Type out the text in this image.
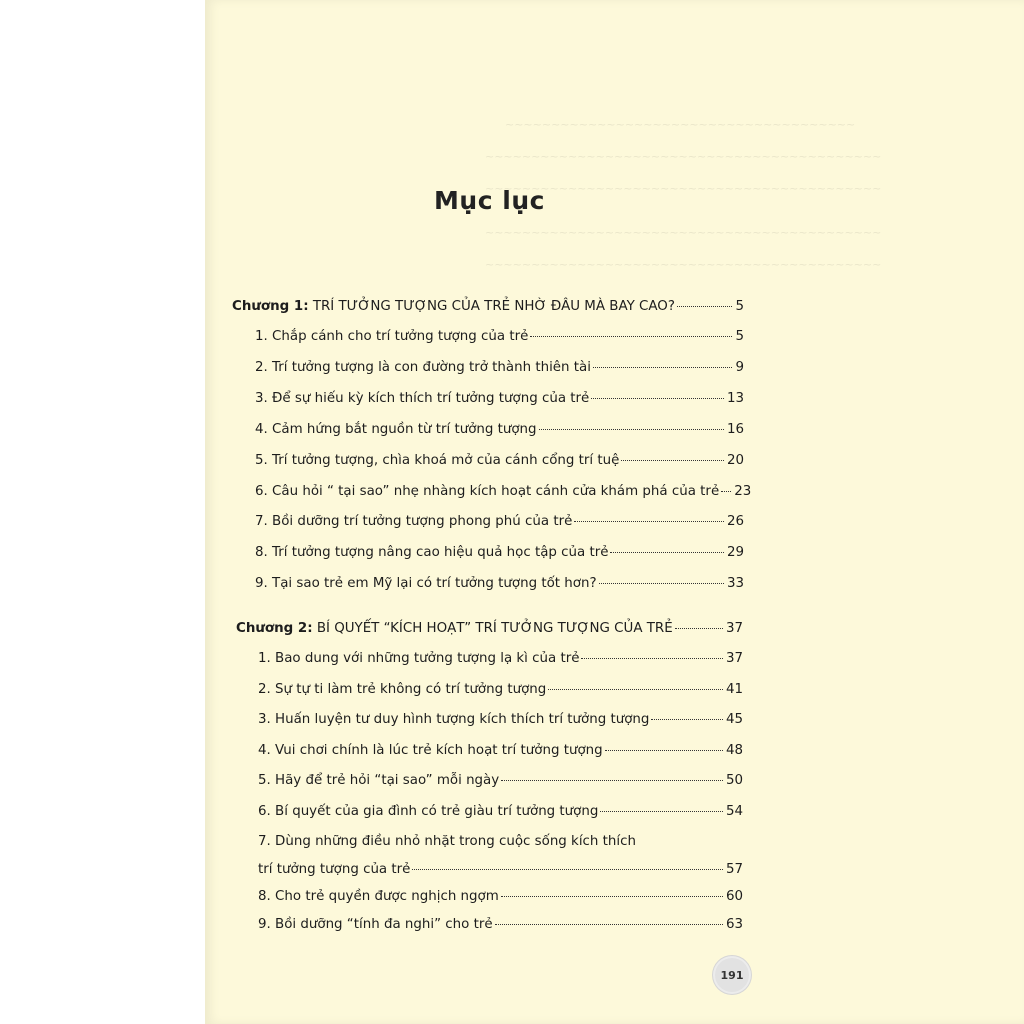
~~~~~~~~~~~~~~~~~~~~~~~~~~~~~~~~~~~~~~
~~~~~~~~~~~~~~~~~~~~~~~~~~~~~~~~~~~~~~~~~~~
~~~~~~~~~~~~~~~~~~~~~~~~~~~~~~~~~~~~~~~~~~~
~~~~~~~~~~~~~~~~~~~~~~~~~~~~~~~~~~~~~~~~~~~
~~~~~~~~~~~~~~~~~~~~~~~~~~~~~~~~~~~~~~~~~~~
Mục lục
Chương 1: TRÍ TƯỞNG TƯỢNG CỦA TRẺ NHỜ ĐÂU MÀ BAY CAO?	5
1. Chắp cánh cho trí tưởng tượng của trẻ	5
2. Trí tưởng tượng là con đường trở thành thiên tài	9
3. Để sự hiếu kỳ kích thích trí tưởng tượng của trẻ	13
4. Cảm hứng bắt nguồn từ trí tưởng tượng	16
5. Trí tưởng tượng, chìa khoá mở của cánh cổng trí tuệ	20
6. Câu hỏi “ tại sao” nhẹ nhàng kích hoạt cánh cửa khám phá của trẻ 23
7. Bồi dưỡng trí tưởng tượng phong phú của trẻ	26
8. Trí tưởng tượng nâng cao hiệu quả học tập của trẻ	29
9. Tại sao trẻ em Mỹ lại có trí tưởng tượng tốt hơn?	33
Chương 2: BÍ QUYẾT “KÍCH HOẠT” TRÍ TƯỞNG TƯỢNG CỦA TRẺ	37
1. Bao dung với những tưởng tượng lạ kì của trẻ	37
2. Sự tự ti làm trẻ không có trí tưởng tượng	41
3. Huấn luyện tư duy hình tượng kích thích trí tưởng tượng	45
4. Vui chơi chính là lúc trẻ kích hoạt trí tưởng tượng	48
5. Hãy để trẻ hỏi “tại sao” mỗi ngày	50
6. Bí quyết của gia đình có trẻ giàu trí tưởng tượng	54
7. Dùng những điều nhỏ nhặt trong cuộc sống kích thích
trí tưởng tượng của trẻ	57
8. Cho trẻ quyền được nghịch ngợm	60
9. Bồi dưỡng “tính đa nghi” cho trẻ	63
191
